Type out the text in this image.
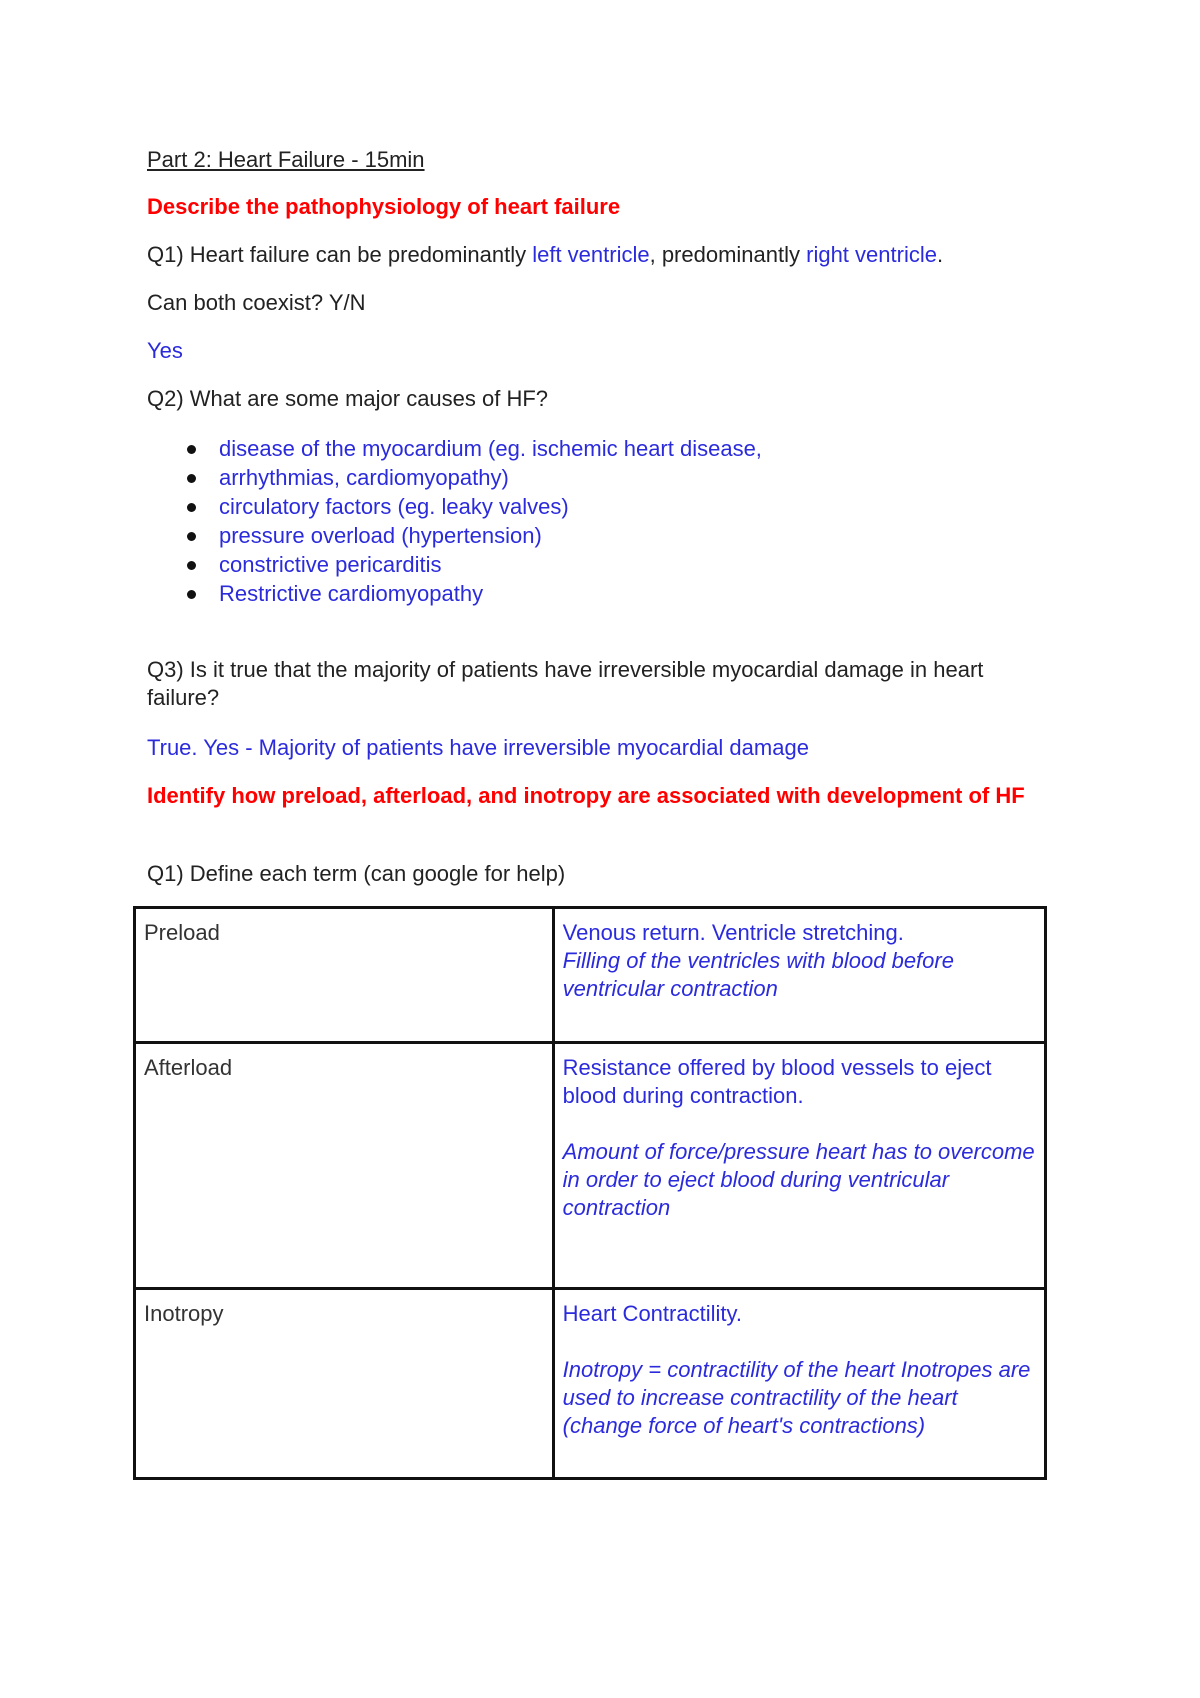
Part 2: Heart Failure - 15min
Describe the pathophysiology of heart failure
Q1) Heart failure can be predominantly left ventricle, predominantly right ventricle.
Can both coexist? Y/N
Yes
Q2) What are some major causes of HF?
disease of the myocardium (eg. ischemic heart disease,
arrhythmias, cardiomyopathy)
circulatory factors (eg. leaky valves)
pressure overload (hypertension)
constrictive pericarditis
Restrictive cardiomyopathy
Q3) Is it true that the majority of patients have irreversible myocardial damage in heart failure?
True. Yes - Majority of patients have irreversible myocardial damage
Identify how preload, afterload, and inotropy are associated with development of HF
Q1) Define each term (can google for help)
Preload	Venous return. Ventricle stretching.
Filling of the ventricles with blood before ventricular contraction

Afterload	Resistance offered by blood vessels to eject blood during contraction.
Amount of force/pressure heart has to overcome in order to eject blood during ventricular contraction

Inotropy	Heart Contractility.
Inotropy = contractility of the heart Inotropes are used to increase contractility of the heart (change force of heart's contractions)
